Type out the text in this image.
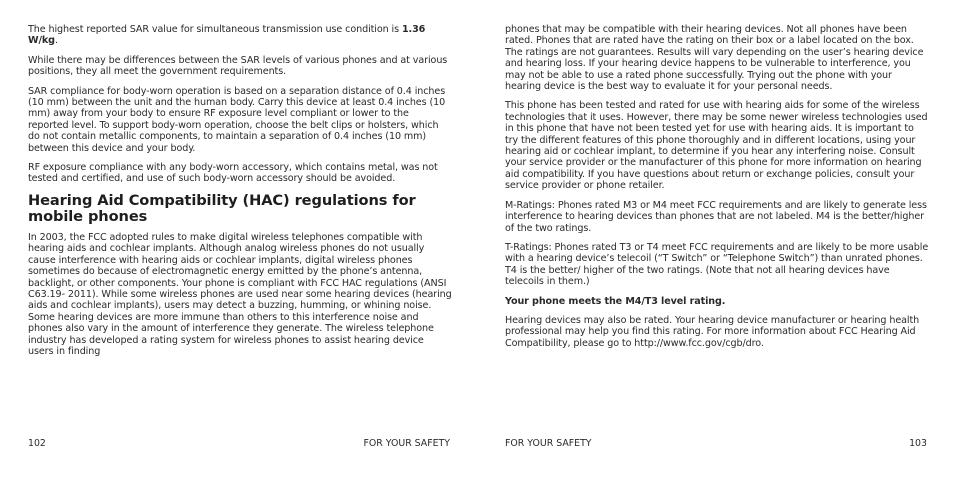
The highest reported SAR value for simultaneous transmission use condition is 1.36 W/kg.

While there may be differences between the SAR levels of various phones and at various positions, they all meet the government requirements.

SAR compliance for body-worn operation is based on a separation distance of 0.4 inches (10 mm) between the unit and the human body. Carry this device at least 0.4 inches (10 mm) away from your body to ensure RF exposure level compliant or lower to the reported level. To support body-worn operation, choose the belt clips or holsters, which do not contain metallic components, to maintain a separation of 0.4 inches (10 mm) between this device and your body.

RF exposure compliance with any body-worn accessory, which contains metal, was not tested and certified, and use of such body-worn accessory should be avoided.

Hearing Aid Compatibility (HAC) regulations for mobile phones

In 2003, the FCC adopted rules to make digital wireless telephones compatible with hearing aids and cochlear implants. Although analog wireless phones do not usually cause interference with hearing aids or cochlear implants, digital wireless phones sometimes do because of electromagnetic energy emitted by the phone’s antenna, backlight, or other components. Your phone is compliant with FCC HAC regulations (ANSI C63.19- 2011). While some wireless phones are used near some hearing devices (hearing aids and cochlear implants), users may detect a buzzing, humming, or whining noise. Some hearing devices are more immune than others to this interference noise and phones also vary in the amount of interference they generate. The wireless telephone industry has developed a rating system for wireless phones to assist hearing device users in finding

102	FOR YOUR SAFETY

phones that may be compatible with their hearing devices. Not all phones have been rated. Phones that are rated have the rating on their box or a label located on the box. The ratings are not guarantees. Results will vary depending on the user’s hearing device and hearing loss. If your hearing device happens to be vulnerable to interference, you may not be able to use a rated phone successfully. Trying out the phone with your hearing device is the best way to evaluate it for your personal needs.

This phone has been tested and rated for use with hearing aids for some of the wireless technologies that it uses. However, there may be some newer wireless technologies used in this phone that have not been tested yet for use with hearing aids. It is important to try the different features of this phone thoroughly and in different locations, using your hearing aid or cochlear implant, to determine if you hear any interfering noise. Consult your service provider or the manufacturer of this phone for more information on hearing aid compatibility. If you have questions about return or exchange policies, consult your service provider or phone retailer.

M-Ratings: Phones rated M3 or M4 meet FCC requirements and are likely to generate less interference to hearing devices than phones that are not labeled. M4 is the better/higher of the two ratings.

T-Ratings: Phones rated T3 or T4 meet FCC requirements and are likely to be more usable with a hearing device’s telecoil (“T Switch” or “Telephone Switch”) than unrated phones. T4 is the better/ higher of the two ratings. (Note that not all hearing devices have telecoils in them.)

Your phone meets the M4/T3 level rating.

Hearing devices may also be rated. Your hearing device manufacturer or hearing health professional may help you find this rating. For more information about FCC Hearing Aid Compatibility, please go to http://www.fcc.gov/cgb/dro.

FOR YOUR SAFETY	103
